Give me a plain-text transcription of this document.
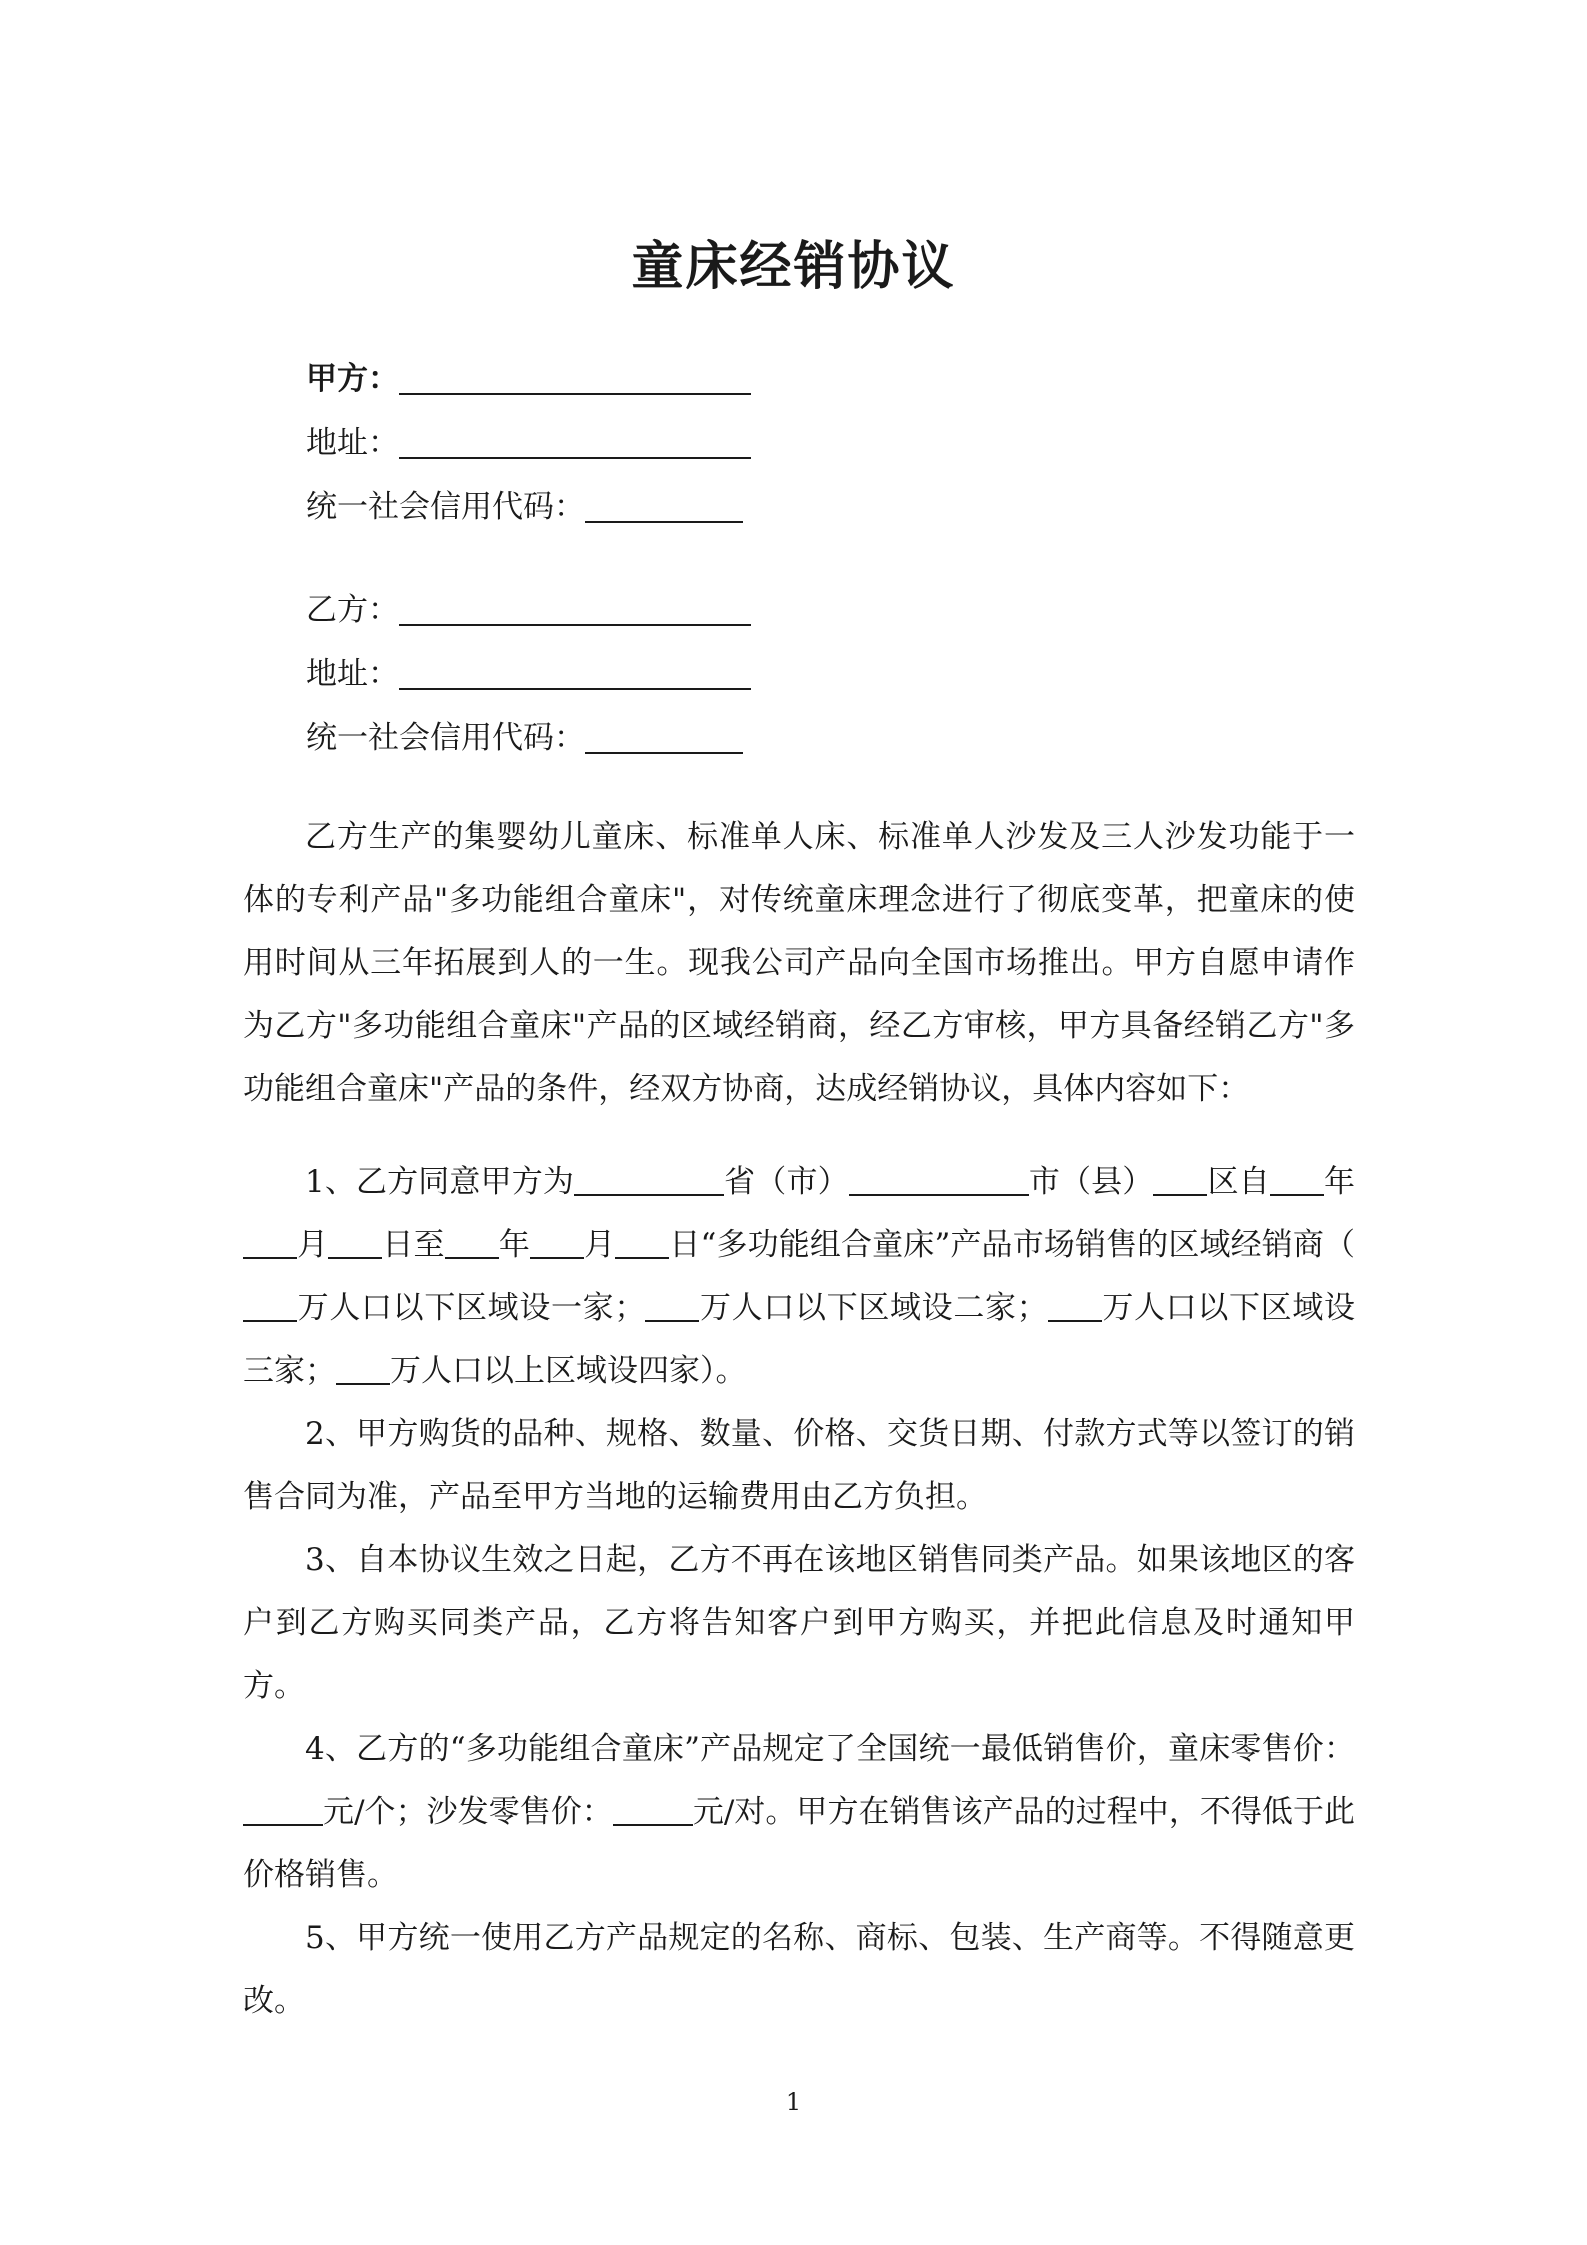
童床经销协议
甲方：
地址：
统一社会信用代码：
乙方：
地址：
统一社会信用代码：

乙方生产的集婴幼儿童床、标准单人床、标准单人沙发及三人沙发功能于一体的专利产品"多功能组合童床"，对传统童床理念进行了彻底变革，把童床的使用时间从三年拓展到人的一生。现我公司产品向全国市场推出。甲方自愿申请作为乙方"多功能组合童床"产品的区域经销商，经乙方审核，甲方具备经销乙方"多功能组合童床"产品的条件，经双方协商，达成经销协议，具体内容如下：

1、乙方同意甲方为	省（市）	市（县） 区自 年月 日至 年 月 日“多功能组合童床”产品市场销售的区域经销商（万人口以下区域设一家； 万人口以下区域设二家； 万人口以下区域设三家； 万人口以上区域设四家）。

2、甲方购货的品种、规格、数量、价格、交货日期、付款方式等以签订的销售合同为准，产品至甲方当地的运输费用由乙方负担。

3、自本协议生效之日起，乙方不再在该地区销售同类产品。如果该地区的客户到乙方购买同类产品，乙方将告知客户到甲方购买，并把此信息及时通知甲方。

4、乙方的“多功能组合童床”产品规定了全国统一最低销售价，童床零售价：元/个；沙发零售价：	元/对。甲方在销售该产品的过程中，不得低于此价格销售。

5、甲方统一使用乙方产品规定的名称、商标、包装、生产商等。不得随意更改。

1
